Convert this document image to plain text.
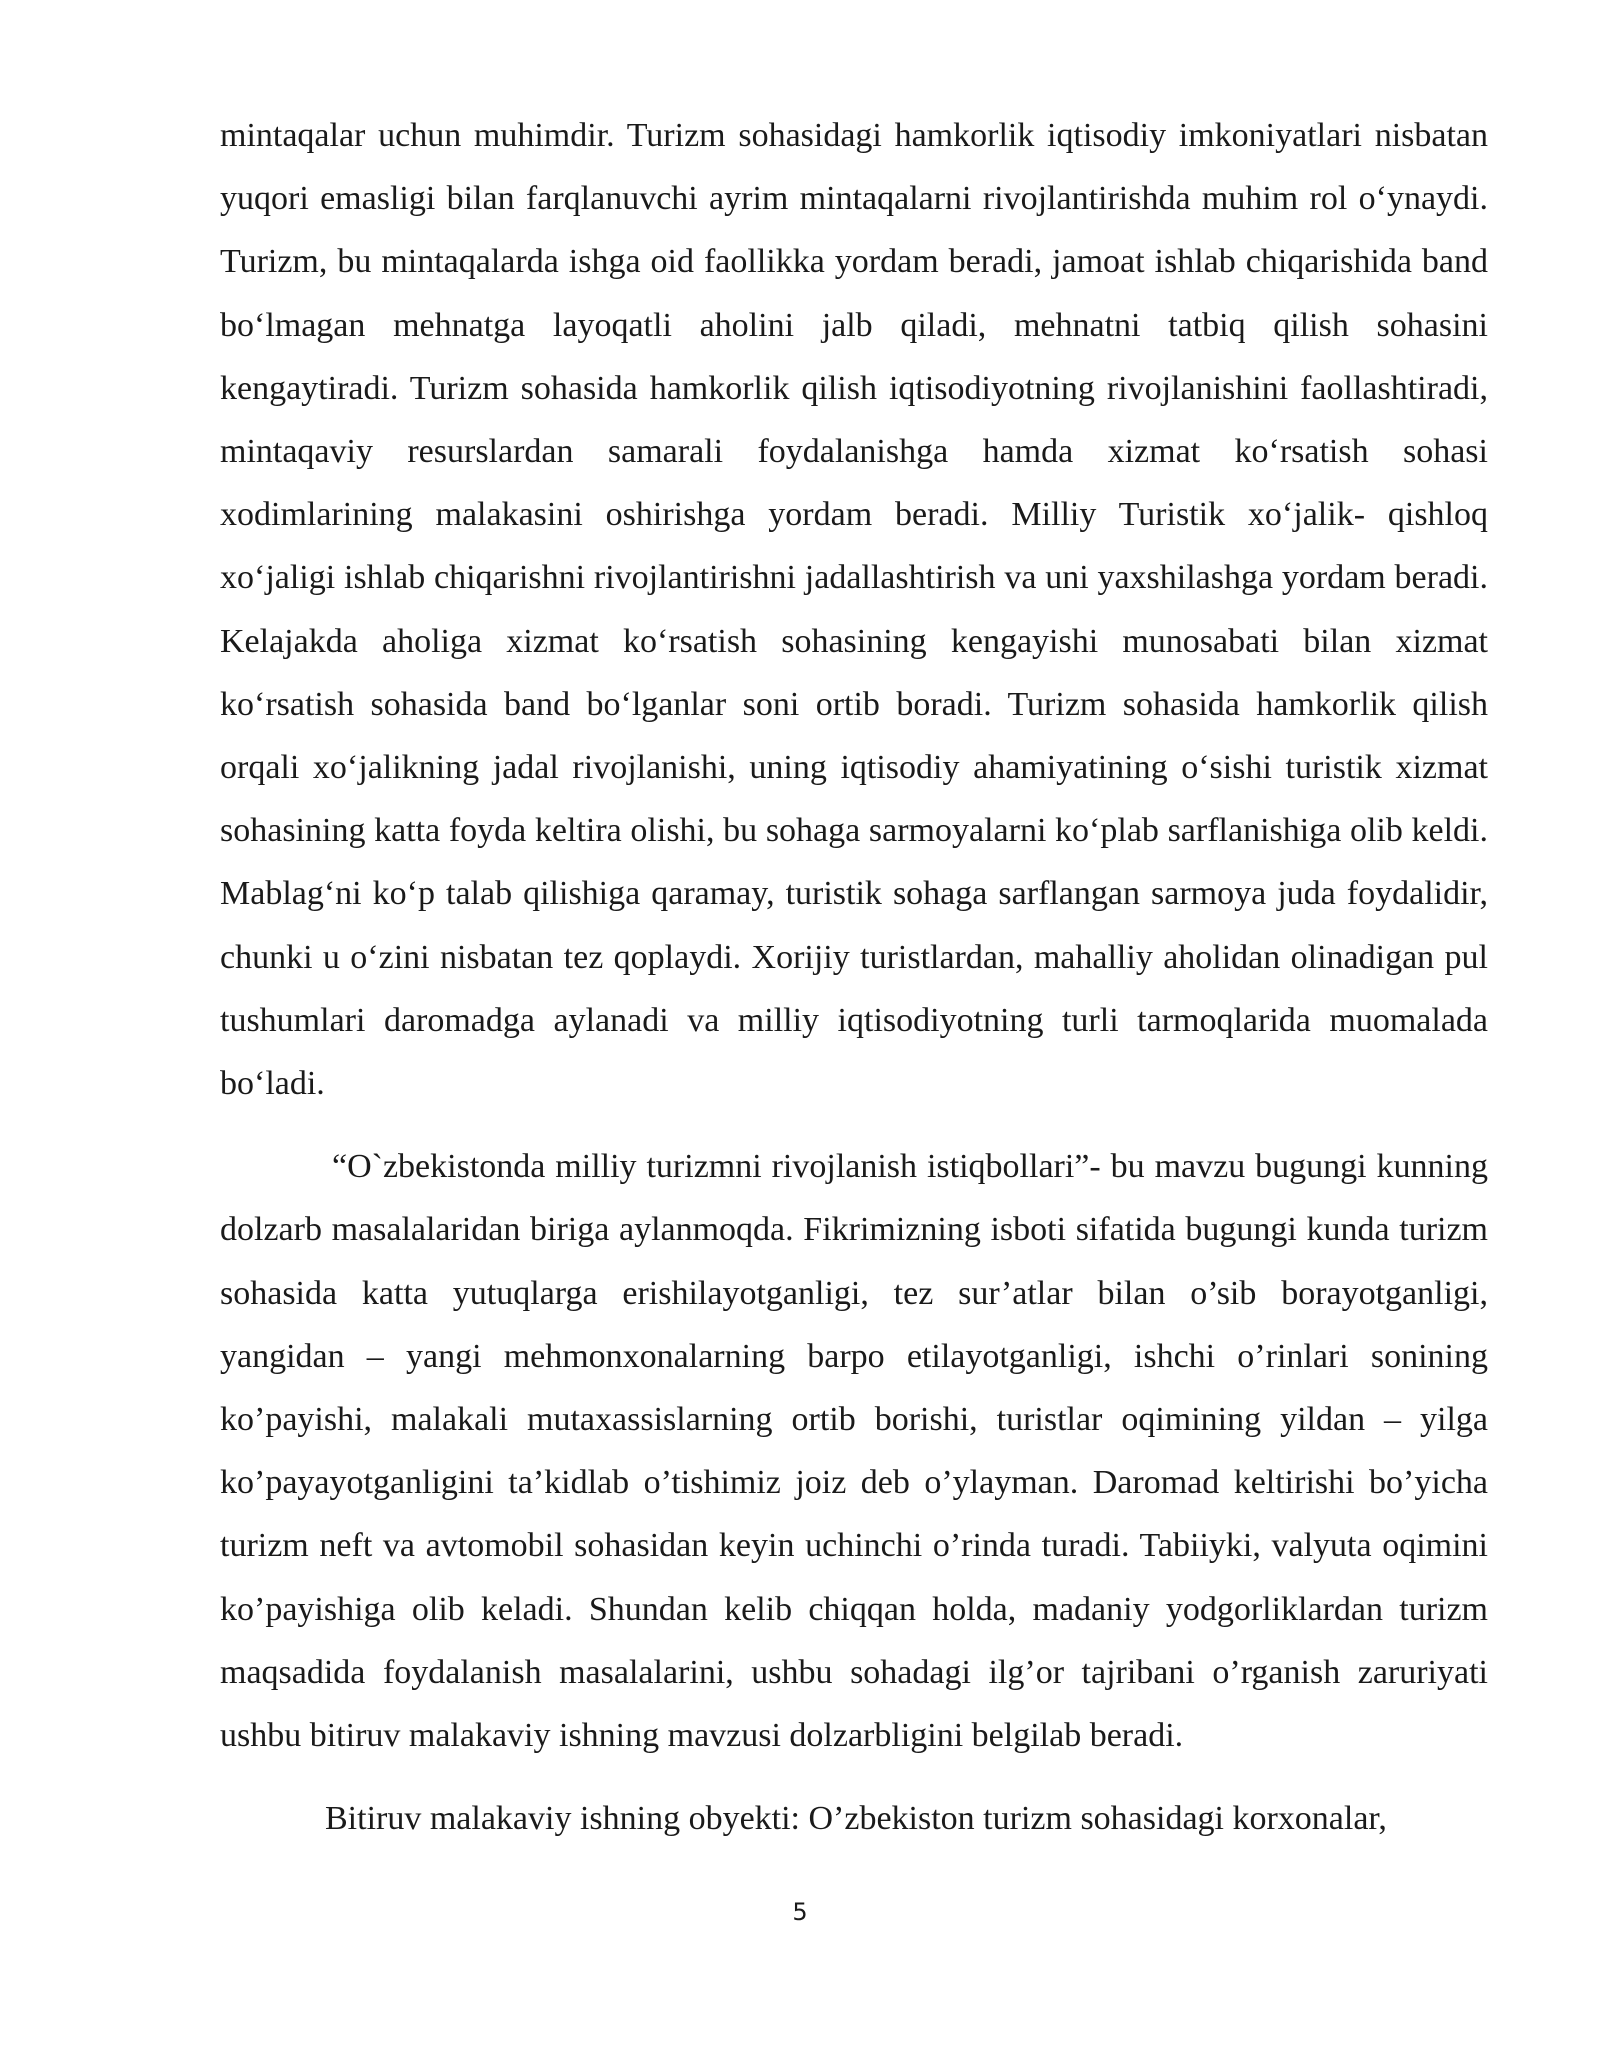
mintaqalar uchun muhimdir. Turizm sohasidagi hamkorlik iqtisodiy imkoniyatlari nisbatan yuqori emasligi bilan farqlanuvchi ayrim mintaqalarni rivojlantirishda muhim rol o‘ynaydi. Turizm, bu mintaqalarda ishga oid faollikka yordam beradi, jamoat ishlab chiqarishida band bo‘lmagan mehnatga layoqatli aholini jalb qiladi, mehnatni tatbiq qilish sohasini kengaytiradi. Turizm sohasida hamkorlik qilish iqtisodiyotning rivojlanishini faollashtiradi, mintaqaviy resurslardan samarali foydalanishga hamda xizmat ko‘rsatish sohasi xodimlarining malakasini oshirishga yordam beradi. Milliy Turistik xo‘jalik- qishloq xo‘jaligi ishlab chiqarishni rivojlantirishni jadallashtirish va uni yaxshilashga yordam beradi. Kelajakda aholiga xizmat ko‘rsatish sohasining kengayishi munosabati bilan xizmat ko‘rsatish sohasida band bo‘lganlar soni ortib boradi. Turizm sohasida hamkorlik qilish orqali xo‘jalikning jadal rivojlanishi, uning iqtisodiy ahamiyatining o‘sishi turistik xizmat sohasining katta foyda keltira olishi, bu sohaga sarmoyalarni ko‘plab sarflanishiga olib keldi. Mablag‘ni ko‘p talab qilishiga qaramay, turistik sohaga sarflangan sarmoya juda foydalidir, chunki u o‘zini nisbatan tez qoplaydi. Xorijiy turistlardan, mahalliy aholidan olinadigan pul tushumlari daromadga aylanadi va milliy iqtisodiyotning turli tarmoqlarida muomalada bo‘ladi.

“O`zbekistonda milliy turizmni rivojlanish istiqbollari”- bu mavzu bugungi kunning dolzarb masalalaridan biriga aylanmoqda. Fikrimizning isboti sifatida bugungi kunda turizm sohasida katta yutuqlarga erishilayotganligi, tez sur’atlar bilan o’sib borayotganligi, yangidan – yangi mehmonxonalarning barpo etilayotganligi, ishchi o’rinlari sonining ko’payishi, malakali mutaxassislarning ortib borishi, turistlar oqimining yildan – yilga ko’payayotganligini ta’kidlab o’tishimiz joiz deb o’ylayman. Daromad keltirishi bo’yicha turizm neft va avtomobil sohasidan keyin uchinchi o’rinda turadi. Tabiiyki, valyuta oqimini ko’payishiga olib keladi. Shundan kelib chiqqan holda, madaniy yodgorliklardan turizm maqsadida foydalanish masalalarini, ushbu sohadagi ilg’or tajribani o’rganish zaruriyati ushbu bitiruv malakaviy ishning mavzusi dolzarbligini belgilab beradi.

Bitiruv malakaviy ishning obyekti: O’zbekiston turizm sohasidagi korxonalar,

5
